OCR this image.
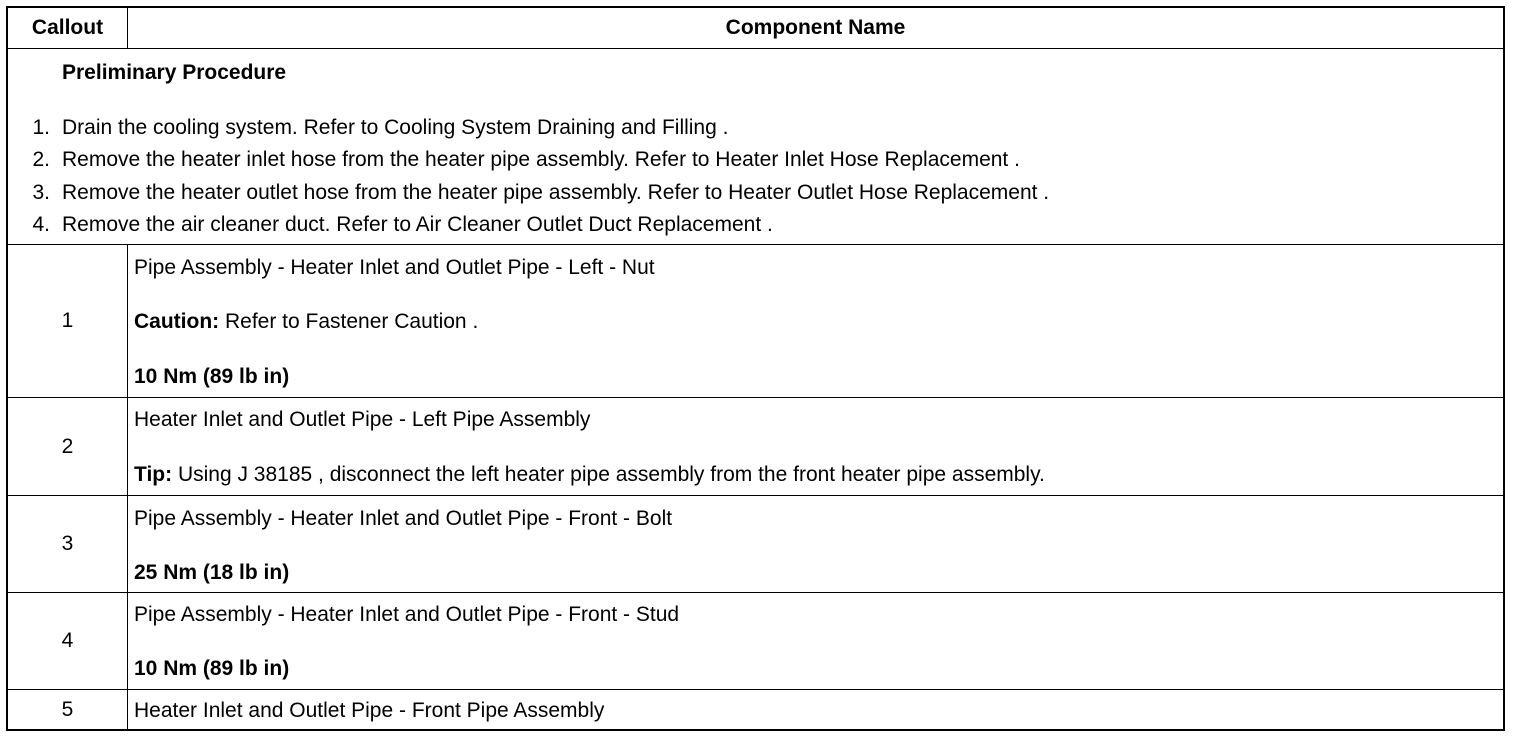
Callout	Component Name
Preliminary Procedure
1. Drain the cooling system. Refer to Cooling System Draining and Filling .
2. Remove the heater inlet hose from the heater pipe assembly. Refer to Heater Inlet Hose Replacement .
3. Remove the heater outlet hose from the heater pipe assembly. Refer to Heater Outlet Hose Replacement .
4. Remove the air cleaner duct. Refer to Air Cleaner Outlet Duct Replacement .
1
Pipe Assembly - Heater Inlet and Outlet Pipe - Left - Nut
Caution: Refer to Fastener Caution .
10 Nm (89 lb in)
2
Heater Inlet and Outlet Pipe - Left Pipe Assembly
Tip: Using J 38185 , disconnect the left heater pipe assembly from the front heater pipe assembly.
3
Pipe Assembly - Heater Inlet and Outlet Pipe - Front - Bolt
25 Nm (18 lb in)
4
Pipe Assembly - Heater Inlet and Outlet Pipe - Front - Stud
10 Nm (89 lb in)
5	Heater Inlet and Outlet Pipe - Front Pipe Assembly
